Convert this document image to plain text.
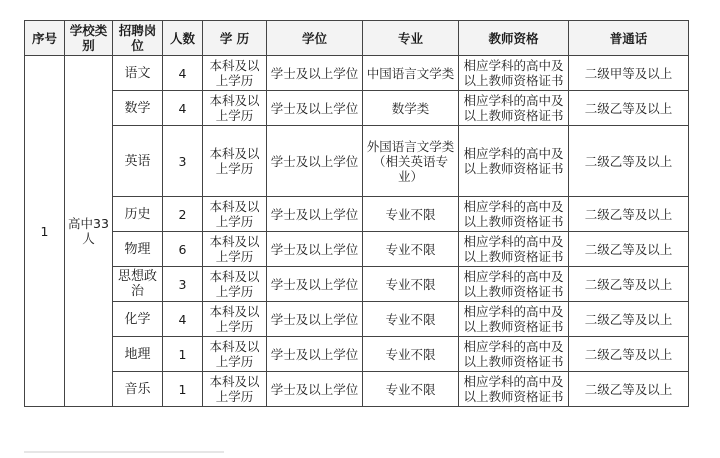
序号	学校类别	招聘岗位	人数	学 历	学位	专业	教师资格	普通话
1	高中33人	语文	4	本科及以上学历	学士及以上学位	中国语言文学类	相应学科的高中及以上教师资格证书	二级甲等及以上
		数学	4	本科及以上学历	学士及以上学位	数学类	相应学科的高中及以上教师资格证书	二级乙等及以上
		英语	3	本科及以上学历	学士及以上学位	外国语言文学类（相关英语专业）	相应学科的高中及以上教师资格证书	二级乙等及以上
		历史	2	本科及以上学历	学士及以上学位	专业不限	相应学科的高中及以上教师资格证书	二级乙等及以上
		物理	6	本科及以上学历	学士及以上学位	专业不限	相应学科的高中及以上教师资格证书	二级乙等及以上
		思想政治	3	本科及以上学历	学士及以上学位	专业不限	相应学科的高中及以上教师资格证书	二级乙等及以上
		化学	4	本科及以上学历	学士及以上学位	专业不限	相应学科的高中及以上教师资格证书	二级乙等及以上
		地理	1	本科及以上学历	学士及以上学位	专业不限	相应学科的高中及以上教师资格证书	二级乙等及以上
		音乐	1	本科及以上学历	学士及以上学位	专业不限	相应学科的高中及以上教师资格证书	二级乙等及以上
